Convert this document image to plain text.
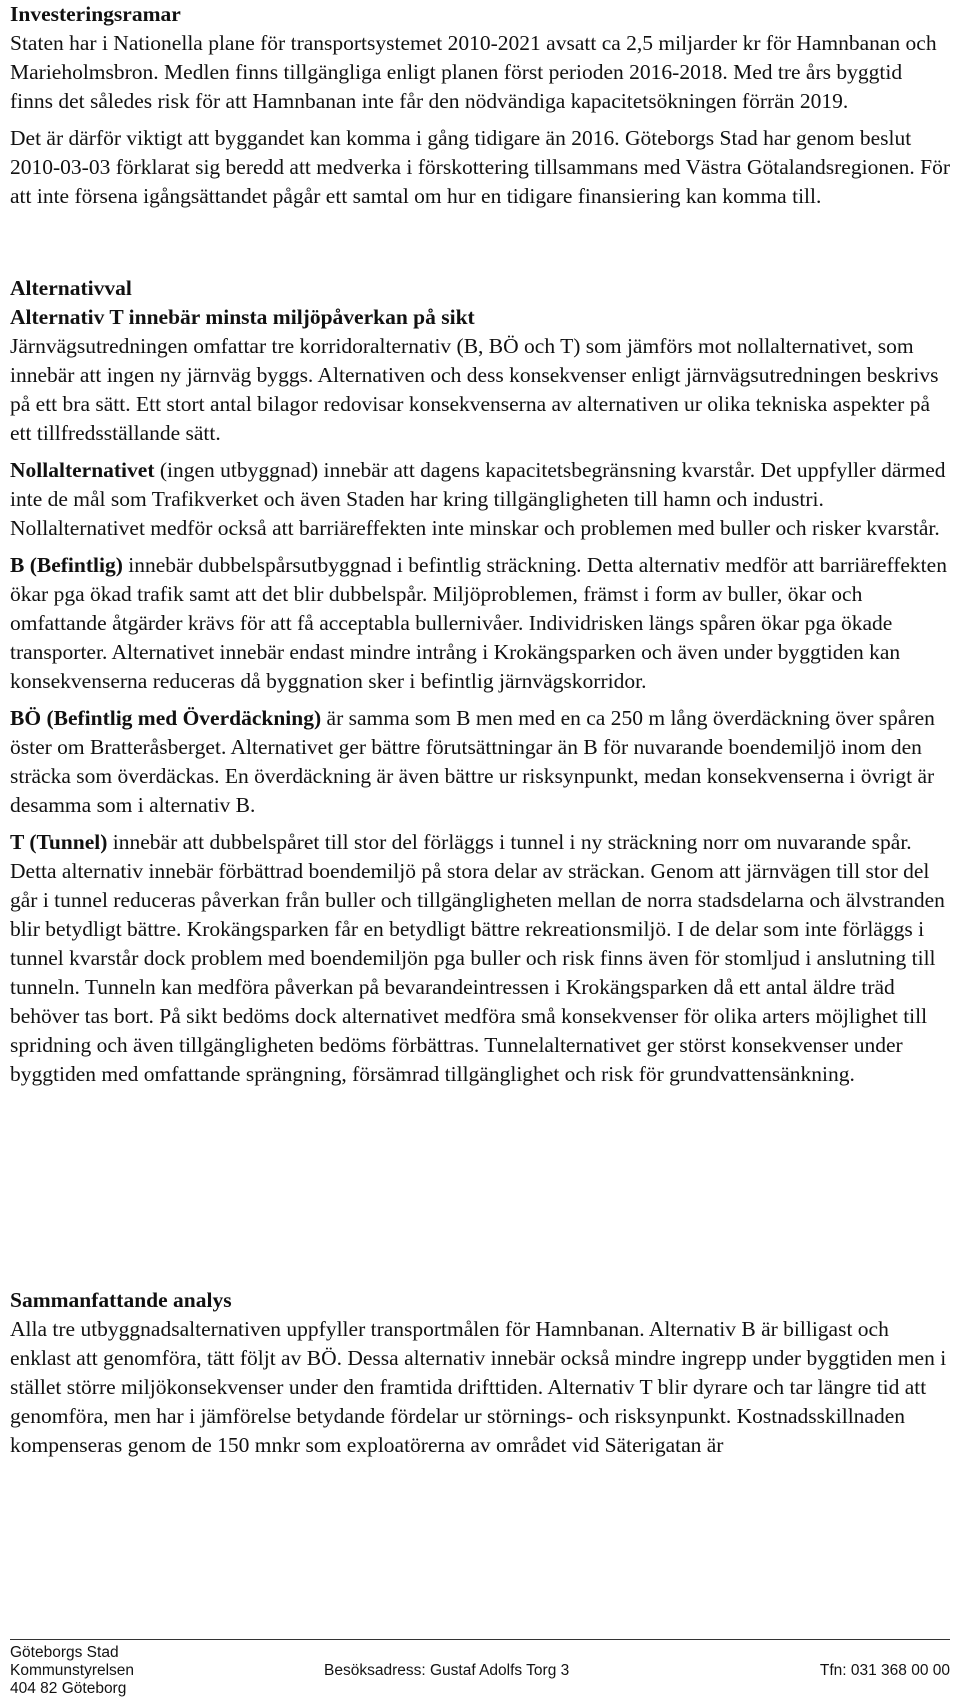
Investeringsramar

Staten har i Nationella plane för transportsystemet 2010-2021 avsatt ca 2,5 miljarder kr för Hamnbanan och Marieholmsbron. Medlen finns tillgängliga enligt planen först perioden 2016-2018. Med tre års byggtid finns det således risk för att Hamnbanan inte får den nödvändiga kapacitetsökningen förrän 2019.

Det är därför viktigt att byggandet kan komma i gång tidigare än 2016. Göteborgs Stad har genom beslut 2010-03-03 förklarat sig beredd att medverka i förskottering tillsammans med Västra Götalandsregionen. För att inte försena igångsättandet pågår ett samtal om hur en tidigare finansiering kan komma till.

Alternativval
Alternativ T innebär minsta miljöpåverkan på sikt

Järnvägsutredningen omfattar tre korridoralternativ (B, BÖ och T) som jämförs mot nollalternativet, som innebär att ingen ny järnväg byggs. Alternativen och dess konsekvenser enligt järnvägsutredningen beskrivs på ett bra sätt. Ett stort antal bilagor redovisar konsekvenserna av alternativen ur olika tekniska aspekter på ett tillfredsställande sätt.

Nollalternativet (ingen utbyggnad) innebär att dagens kapacitetsbegränsning kvarstår. Det uppfyller därmed inte de mål som Trafikverket och även Staden har kring tillgängligheten till hamn och industri. Nollalternativet medför också att barriäreffekten inte minskar och problemen med buller och risker kvarstår.

B (Befintlig) innebär dubbelspårsutbyggnad i befintlig sträckning. Detta alternativ medför att barriäreffekten ökar pga ökad trafik samt att det blir dubbelspår. Miljöproblemen, främst i form av buller, ökar och omfattande åtgärder krävs för att få acceptabla bullernivåer. Individrisken längs spåren ökar pga ökade transporter. Alternativet innebär endast mindre intrång i Krokängsparken och även under byggtiden kan konsekvenserna reduceras då byggnation sker i befintlig järnvägskorridor.

BÖ (Befintlig med Överdäckning) är samma som B men med en ca 250 m lång överdäckning över spåren öster om Bratteråsberget. Alternativet ger bättre förutsättningar än B för nuvarande boendemiljö inom den sträcka som överdäckas. En överdäckning är även bättre ur risksynpunkt, medan konsekvenserna i övrigt är desamma som i alternativ B.

T (Tunnel) innebär att dubbelspåret till stor del förläggs i tunnel i ny sträckning norr om nuvarande spår. Detta alternativ innebär förbättrad boendemiljö på stora delar av sträckan. Genom att järnvägen till stor del går i tunnel reduceras påverkan från buller och tillgängligheten mellan de norra stadsdelarna och älvstranden blir betydligt bättre. Krokängsparken får en betydligt bättre rekreationsmiljö. I de delar som inte förläggs i tunnel kvarstår dock problem med boendemiljön pga buller och risk finns även för stomljud i anslutning till tunneln. Tunneln kan medföra påverkan på bevarandeintressen i Krokängsparken då ett antal äldre träd behöver tas bort. På sikt bedöms dock alternativet medföra små konsekvenser för olika arters möjlighet till spridning och även tillgängligheten bedöms förbättras. Tunnelalternativet ger störst konsekvenser under byggtiden med omfattande sprängning, försämrad tillgänglighet och risk för grundvattensänkning.

Sammanfattande analys

Alla tre utbyggnadsalternativen uppfyller transportmålen för Hamnbanan. Alternativ B är billigast och enklast att genomföra, tätt följt av BÖ. Dessa alternativ innebär också mindre ingrepp under byggtiden men i stället större miljökonsekvenser under den framtida drifttiden. Alternativ T blir dyrare och tar längre tid att genomföra, men har i jämförelse betydande fördelar ur störnings- och risksynpunkt. Kostnadsskillnaden kompenseras genom de 150 mnkr som exploatörerna av området vid Säterigatan är

Göteborgs Stad
Kommunstyrelsen	Besöksadress: Gustaf Adolfs Torg 3	Tfn: 031 368 00 00
404 82 Göteborg
